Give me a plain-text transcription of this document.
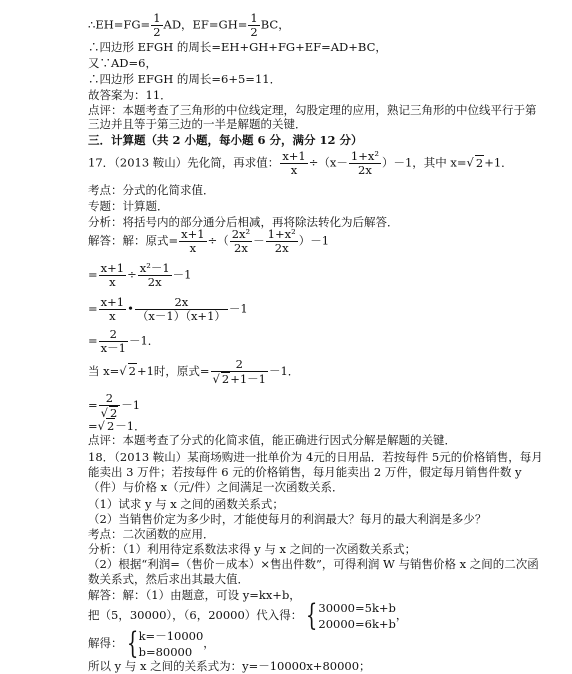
∴EH=FG= $\frac{1}{2}$ AD，$EF=GH= \frac{1}{2}$ BC，
∴四边形 EFGH 的周长=EH+GH+FG+EF=AD+BC，
又∵AD=6，
∴四边形 EFGH 的周长=6+5=11．
故答案为：11．
点评：本题考查了三角形的中位线定理，勾股定理的应用，熟记三角形的中位线平行于第三边并且等于第三边的一半是解题的关键．
三．计算题（共 2 小题，每小题 6 分，满分 12 分）
17．（2013 鞍山）先化简，再求值： $\frac{x+1}{x} \div(x- \frac{\text{1+x²}}{2x} )-1$，其中 x=√ 2+1．
考点：分式的化简求值．
专题：计算题．
分析：将括号内的部分通分后相减，再将除法转化为后解答．
解答：解：原式= $\frac{x+1}{x}$ ÷（ $\frac{\text{2x²}}{2x} - \frac{\text{1+x²}}{2x} )-1$
= $\frac{x+1}{x} \div \frac{\text{x²－1}}{2x} -1$
= $\frac{x+1}{x}$ • $\frac{2x}{(x-1)(x+1)} -1$
= $\frac{2}{x-1} -1$．
当 x=√ 2+1时，原式= $\frac{2}{√ 2+1-1} -1$．
= $\frac{2}{√ 2} -1$
=√ 2－1．
点评：本题考查了分式的化简求值，能正确进行因式分解是解题的关键．
18．（2013 鞍山）某商场购进一批单价为 4元的日用品．若按每件 5元的价格销售，每月能卖出 3 万件；若按每件 6 元的价格销售，每月能卖出 2 万件，假定每月销售件数 y（件）与价格 x（元/件）之间满足一次函数关系．
（1）试求 y 与 x 之间的函数关系式；
（2）当销售价定为多少时，才能使每月的利润最大？每月的最大利润是多少？
考点：二次函数的应用．
分析：（1）利用待定系数法求得 y 与 x 之间的一次函数关系式；
（2）根据“利润=（售价－成本）×售出件数”，可得利润 W 与销售价格 x 之间的二次函数关系式，然后求出其最大值．
解答：解：（1）由题意，可设 y=kx+b，
把（5，30000），（6，20000）代入得： { 30000=5k+b
20000=6k+b
，
解得： { k=－10000
b=80000
，
所以 y 与 x 之间的关系式为：y=－10000x+80000；
